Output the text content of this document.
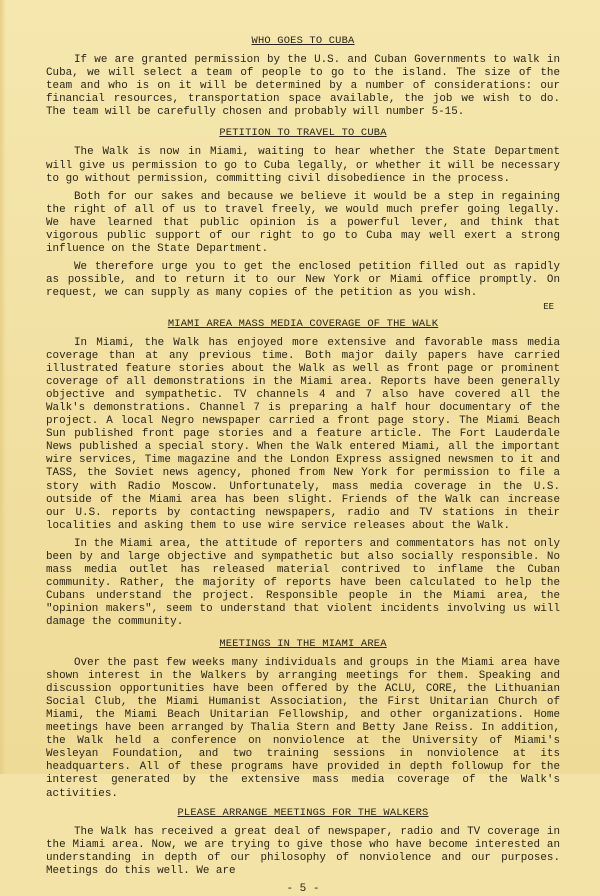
WHO GOES TO CUBA

If we are granted permission by the U.S. and Cuban Governments to walk in Cuba, we will select a team of people to go to the island. The size of the team and who is on it will be determined by a number of considerations: our financial resources, transportation space available, the job we wish to do. The team will be carefully chosen and probably will number 5-15.

PETITION TO TRAVEL TO CUBA

The Walk is now in Miami, waiting to hear whether the State Department will give us permission to go to Cuba legally, or whether it will be necessary to go without permission, committing civil disobedience in the process.

Both for our sakes and because we believe it would be a step in regaining the right of all of us to travel freely, we would much prefer going legally. We have learned that public opinion is a powerful lever, and think that vigorous public support of our right to go to Cuba may well exert a strong influence on the State Department.

We therefore urge you to get the enclosed petition filled out as rapidly as possible, and to return it to our New York or Miami office promptly. On request, we can supply as many copies of the petition as you wish.

EE
MIAMI AREA MASS MEDIA COVERAGE OF THE WALK

In Miami, the Walk has enjoyed more extensive and favorable mass media coverage than at any previous time. Both major daily papers have carried illustrated feature stories about the Walk as well as front page or prominent coverage of all demonstrations in the Miami area. Reports have been generally objective and sympathetic. TV channels 4 and 7 also have covered all the Walk's demonstrations. Channel 7 is preparing a half hour documentary of the project. A local Negro newspaper carried a front page story. The Miami Beach Sun published front page stories and a feature article. The Fort Lauderdale News published a special story. When the Walk entered Miami, all the important wire services, Time magazine and the London Express assigned newsmen to it and TASS, the Soviet news agency, phoned from New York for permission to file a story with Radio Moscow. Unfortunately, mass media coverage in the U.S. outside of the Miami area has been slight. Friends of the Walk can increase our U.S. reports by contacting newspapers, radio and TV stations in their localities and asking them to use wire service releases about the Walk.

In the Miami area, the attitude of reporters and commentators has not only been by and large objective and sympathetic but also socially responsible. No mass media outlet has released material contrived to inflame the Cuban community. Rather, the majority of reports have been calculated to help the Cubans understand the project. Responsible people in the Miami area, the "opinion makers", seem to understand that violent incidents involving us will damage the community.

MEETINGS IN THE MIAMI AREA

Over the past few weeks many individuals and groups in the Miami area have shown interest in the Walkers by arranging meetings for them. Speaking and discussion opportunities have been offered by the ACLU, CORE, the Lithuanian Social Club, the Miami Humanist Association, the First Unitarian Church of Miami, the Miami Beach Unitarian Fellowship, and other organizations. Home meetings have been arranged by Thalia Stern and Betty Jane Reiss. In addition, the Walk held a conference on nonviolence at the University of Miami's Wesleyan Foundation, and two training sessions in nonviolence at its headquarters. All of these programs have provided in depth followup for the interest generated by the extensive mass media coverage of the Walk's activities.

PLEASE ARRANGE MEETINGS FOR THE WALKERS

The Walk has received a great deal of newspaper, radio and TV coverage in the Miami area. Now, we are trying to give those who have become interested an understanding in depth of our philosophy of nonviolence and our purposes. Meetings do this well. We are

- 5 -
